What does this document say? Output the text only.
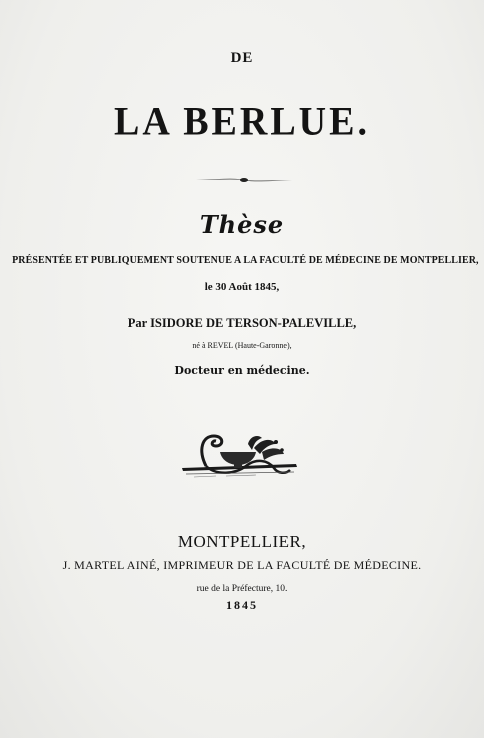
DE
LA BERLUE.
Thèse
PRÉSENTÉE ET PUBLIQUEMENT SOUTENUE A LA FACULTÉ DE MÉDECINE DE MONTPELLIER,
le 30 Août 1845,
Par ISIDORE DE TERSON-PALEVILLE,
né à REVEL (Haute-Garonne),
Docteur en médecine.
MONTPELLIER,
J. MARTEL AINÉ, IMPRIMEUR DE LA FACULTÉ DE MÉDECINE.
rue de la Préfecture, 10.
1845
